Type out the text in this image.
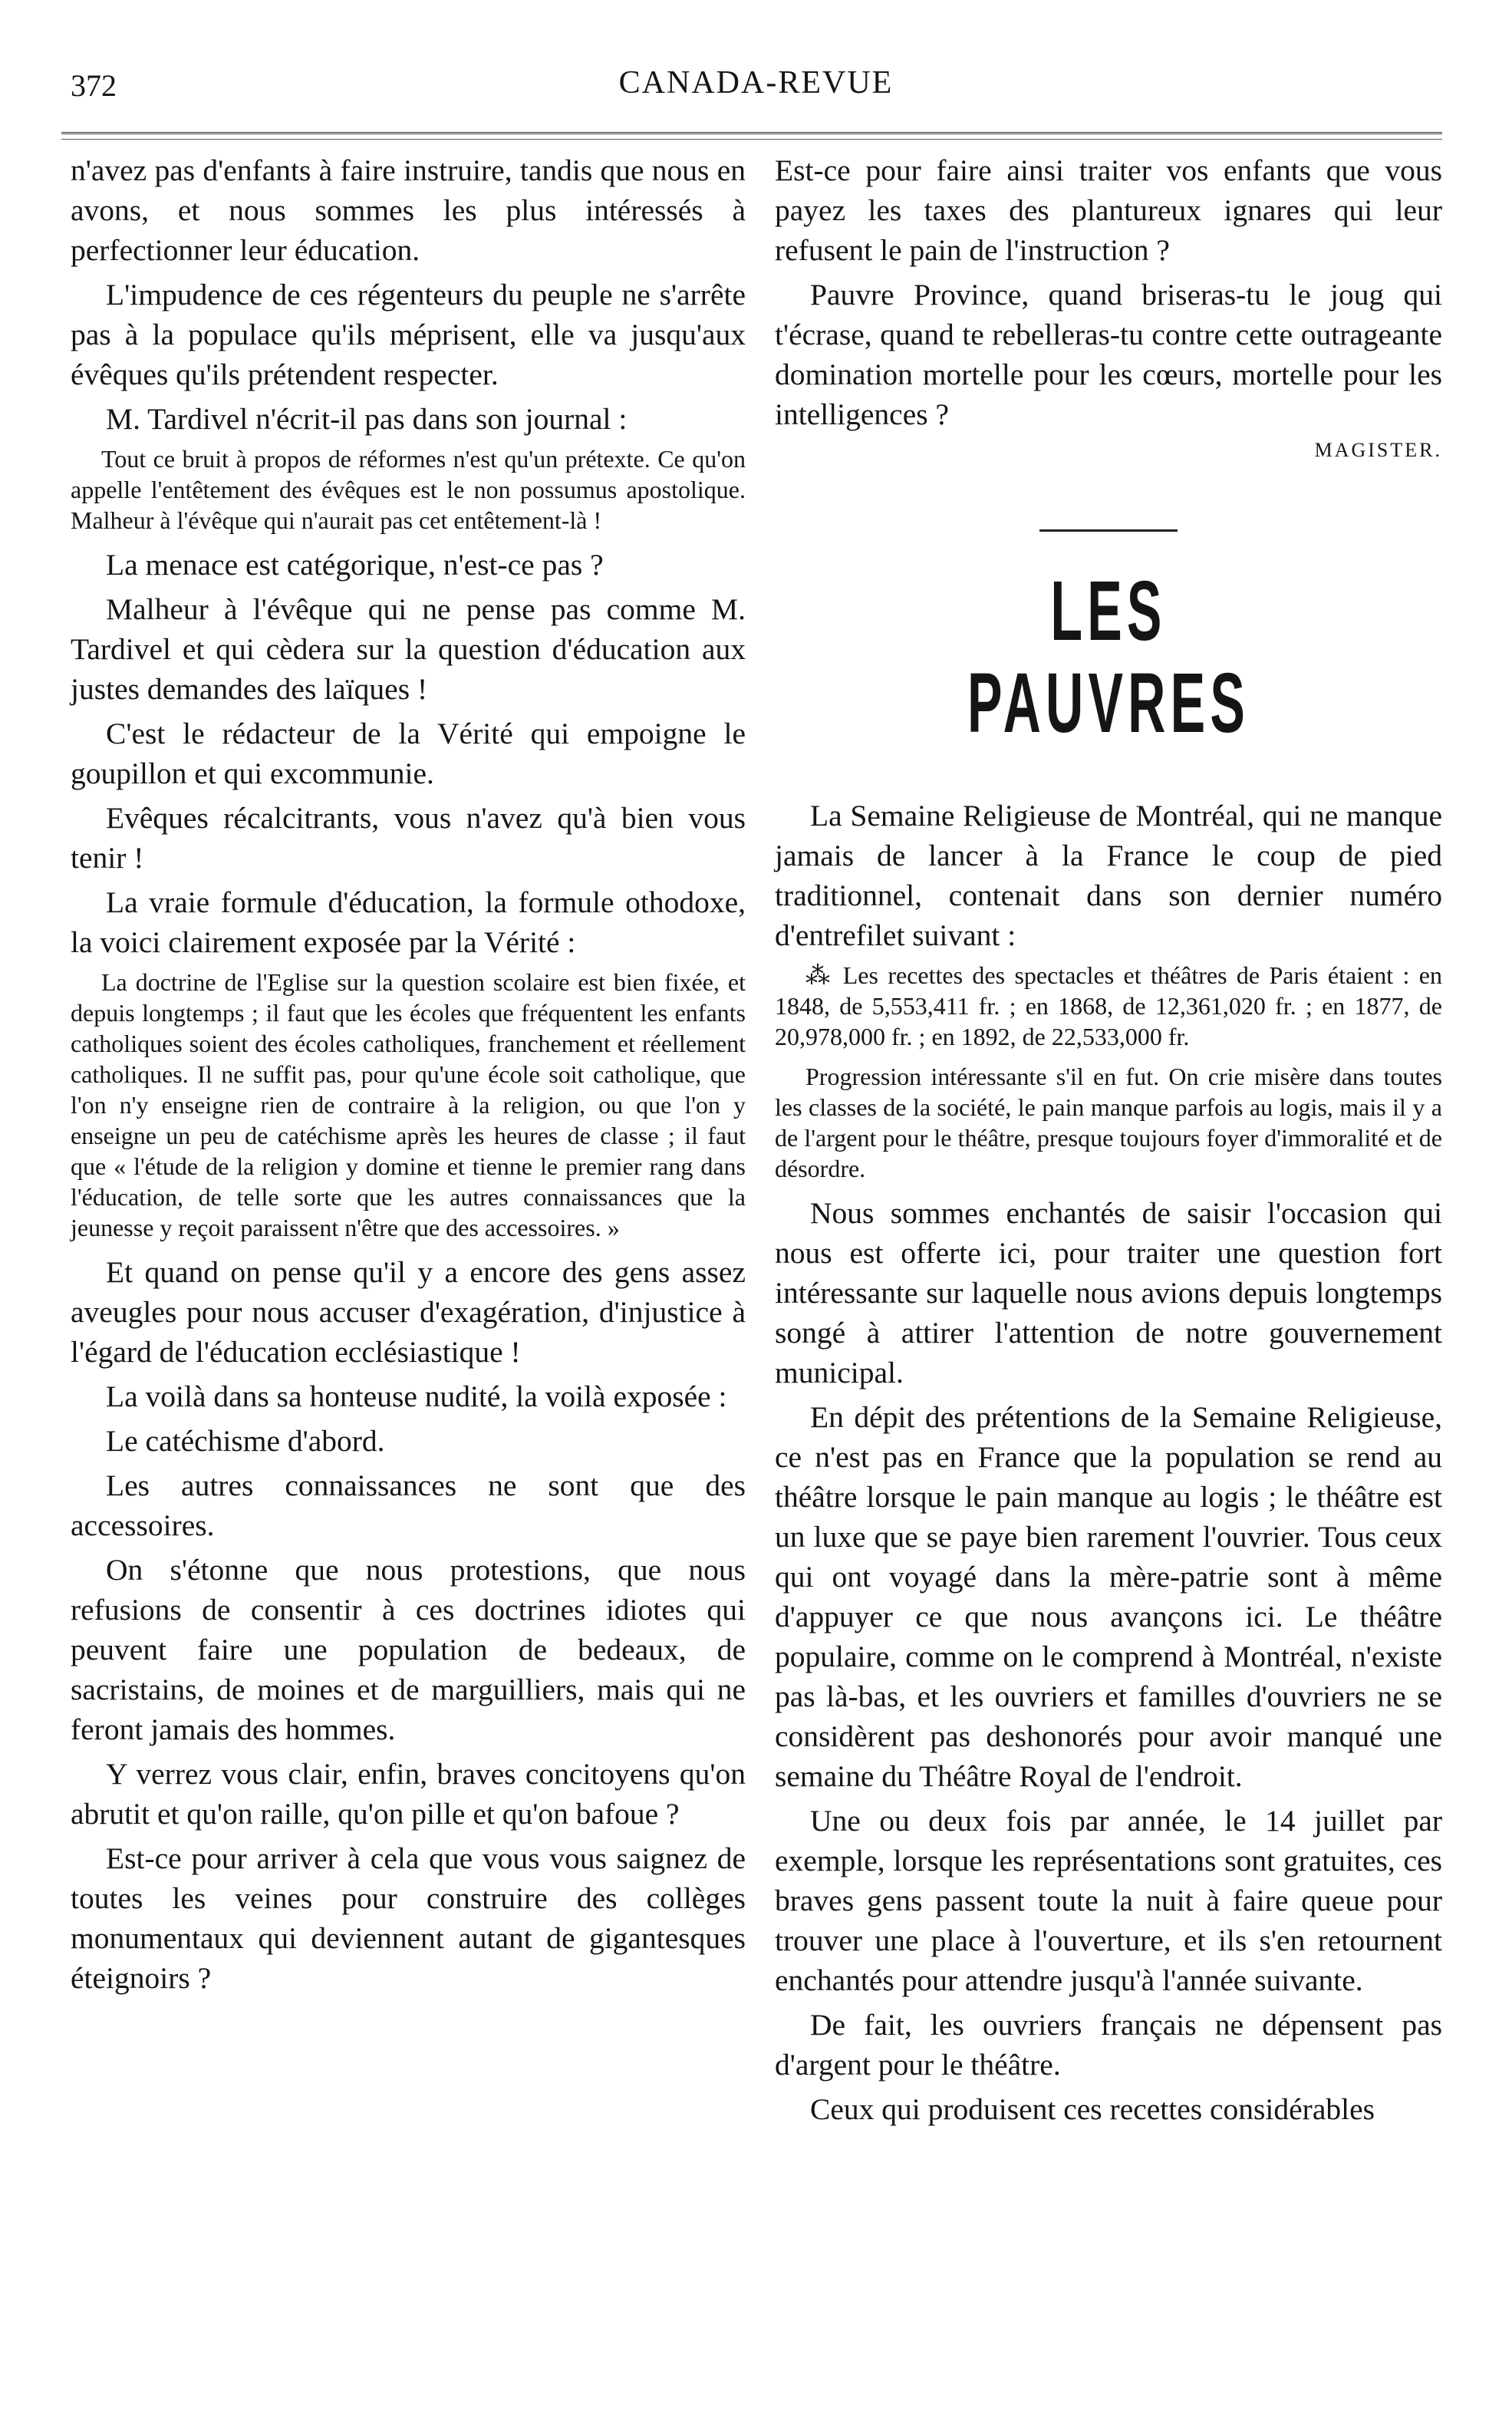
372	CANADA-REVUE

n'avez pas d'enfants à faire instruire, tandis que nous en avons, et nous sommes les plus intéressés à perfectionner leur éducation.

L'impudence de ces régenteurs du peuple ne s'arrête pas à la populace qu'ils méprisent, elle va jusqu'aux évêques qu'ils prétendent respecter.

M. Tardivel n'écrit-il pas dans son journal :

Tout ce bruit à propos de réformes n'est qu'un prétexte. Ce qu'on appelle l'entêtement des évêques est le non possumus apostolique. Malheur à l'évêque qui n'aurait pas cet entêtement-là !

La menace est catégorique, n'est-ce pas ?

Malheur à l'évêque qui ne pense pas comme M. Tardivel et qui cèdera sur la question d'éducation aux justes demandes des laïques !

C'est le rédacteur de la Vérité qui empoigne le goupillon et qui excommunie.

Evêques récalcitrants, vous n'avez qu'à bien vous tenir !

La vraie formule d'éducation, la formule othodoxe, la voici clairement exposée par la Vérité :

La doctrine de l'Eglise sur la question scolaire est bien fixée, et depuis longtemps ; il faut que les écoles que fréquentent les enfants catholiques soient des écoles catholiques, franchement et réellement catholiques. Il ne suffit pas, pour qu'une école soit catholique, que l'on n'y enseigne rien de contraire à la religion, ou que l'on y enseigne un peu de catéchisme après les heures de classe ; il faut que « l'étude de la religion y domine et tienne le premier rang dans l'éducation, de telle sorte que les autres connaissances que la jeunesse y reçoit paraissent n'être que des accessoires. »

Et quand on pense qu'il y a encore des gens assez aveugles pour nous accuser d'exagération, d'injustice à l'égard de l'éducation ecclésiastique !

La voilà dans sa honteuse nudité, la voilà exposée :

Le catéchisme d'abord.

Les autres connaissances ne sont que des accessoires.

On s'étonne que nous protestions, que nous refusions de consentir à ces doctrines idiotes qui peuvent faire une population de bedeaux, de sacristains, de moines et de marguilliers, mais qui ne feront jamais des hommes.

Y verrez vous clair, enfin, braves concitoyens qu'on abrutit et qu'on raille, qu'on pille et qu'on bafoue ?

Est-ce pour arriver à cela que vous vous saignez de toutes les veines pour construire des collèges monumentaux qui deviennent autant de gigantesques éteignoirs ?

Est-ce pour faire ainsi traiter vos enfants que vous payez les taxes des plantureux ignares qui leur refusent le pain de l'instruction ?

Pauvre Province, quand briseras-tu le joug qui t'écrase, quand te rebelleras-tu contre cette outrageante domination mortelle pour les cœurs, mortelle pour les intelligences ?

MAGISTER.

LES PAUVRES

La Semaine Religieuse de Montréal, qui ne manque jamais de lancer à la France le coup de pied traditionnel, contenait dans son dernier numéro d'entrefilet suivant :

⁂ Les recettes des spectacles et théâtres de Paris étaient : en 1848, de 5,553,411 fr. ; en 1868, de 12,361,020 fr. ; en 1877, de 20,978,000 fr. ; en 1892, de 22,533,000 fr.

Progression intéressante s'il en fut. On crie misère dans toutes les classes de la société, le pain manque parfois au logis, mais il y a de l'argent pour le théâtre, presque toujours foyer d'immoralité et de désordre.

Nous sommes enchantés de saisir l'occasion qui nous est offerte ici, pour traiter une question fort intéressante sur laquelle nous avions depuis longtemps songé à attirer l'attention de notre gouvernement municipal.

En dépit des prétentions de la Semaine Religieuse, ce n'est pas en France que la population se rend au théâtre lorsque le pain manque au logis ; le théâtre est un luxe que se paye bien rarement l'ouvrier. Tous ceux qui ont voyagé dans la mère-patrie sont à même d'appuyer ce que nous avançons ici. Le théâtre populaire, comme on le comprend à Montréal, n'existe pas là-bas, et les ouvriers et familles d'ouvriers ne se considèrent pas deshonorés pour avoir manqué une semaine du Théâtre Royal de l'endroit.

Une ou deux fois par année, le 14 juillet par exemple, lorsque les représentations sont gratuites, ces braves gens passent toute la nuit à faire queue pour trouver une place à l'ouverture, et ils s'en retournent enchantés pour attendre jusqu'à l'année suivante.

De fait, les ouvriers français ne dépensent pas d'argent pour le théâtre.

Ceux qui produisent ces recettes considérables
